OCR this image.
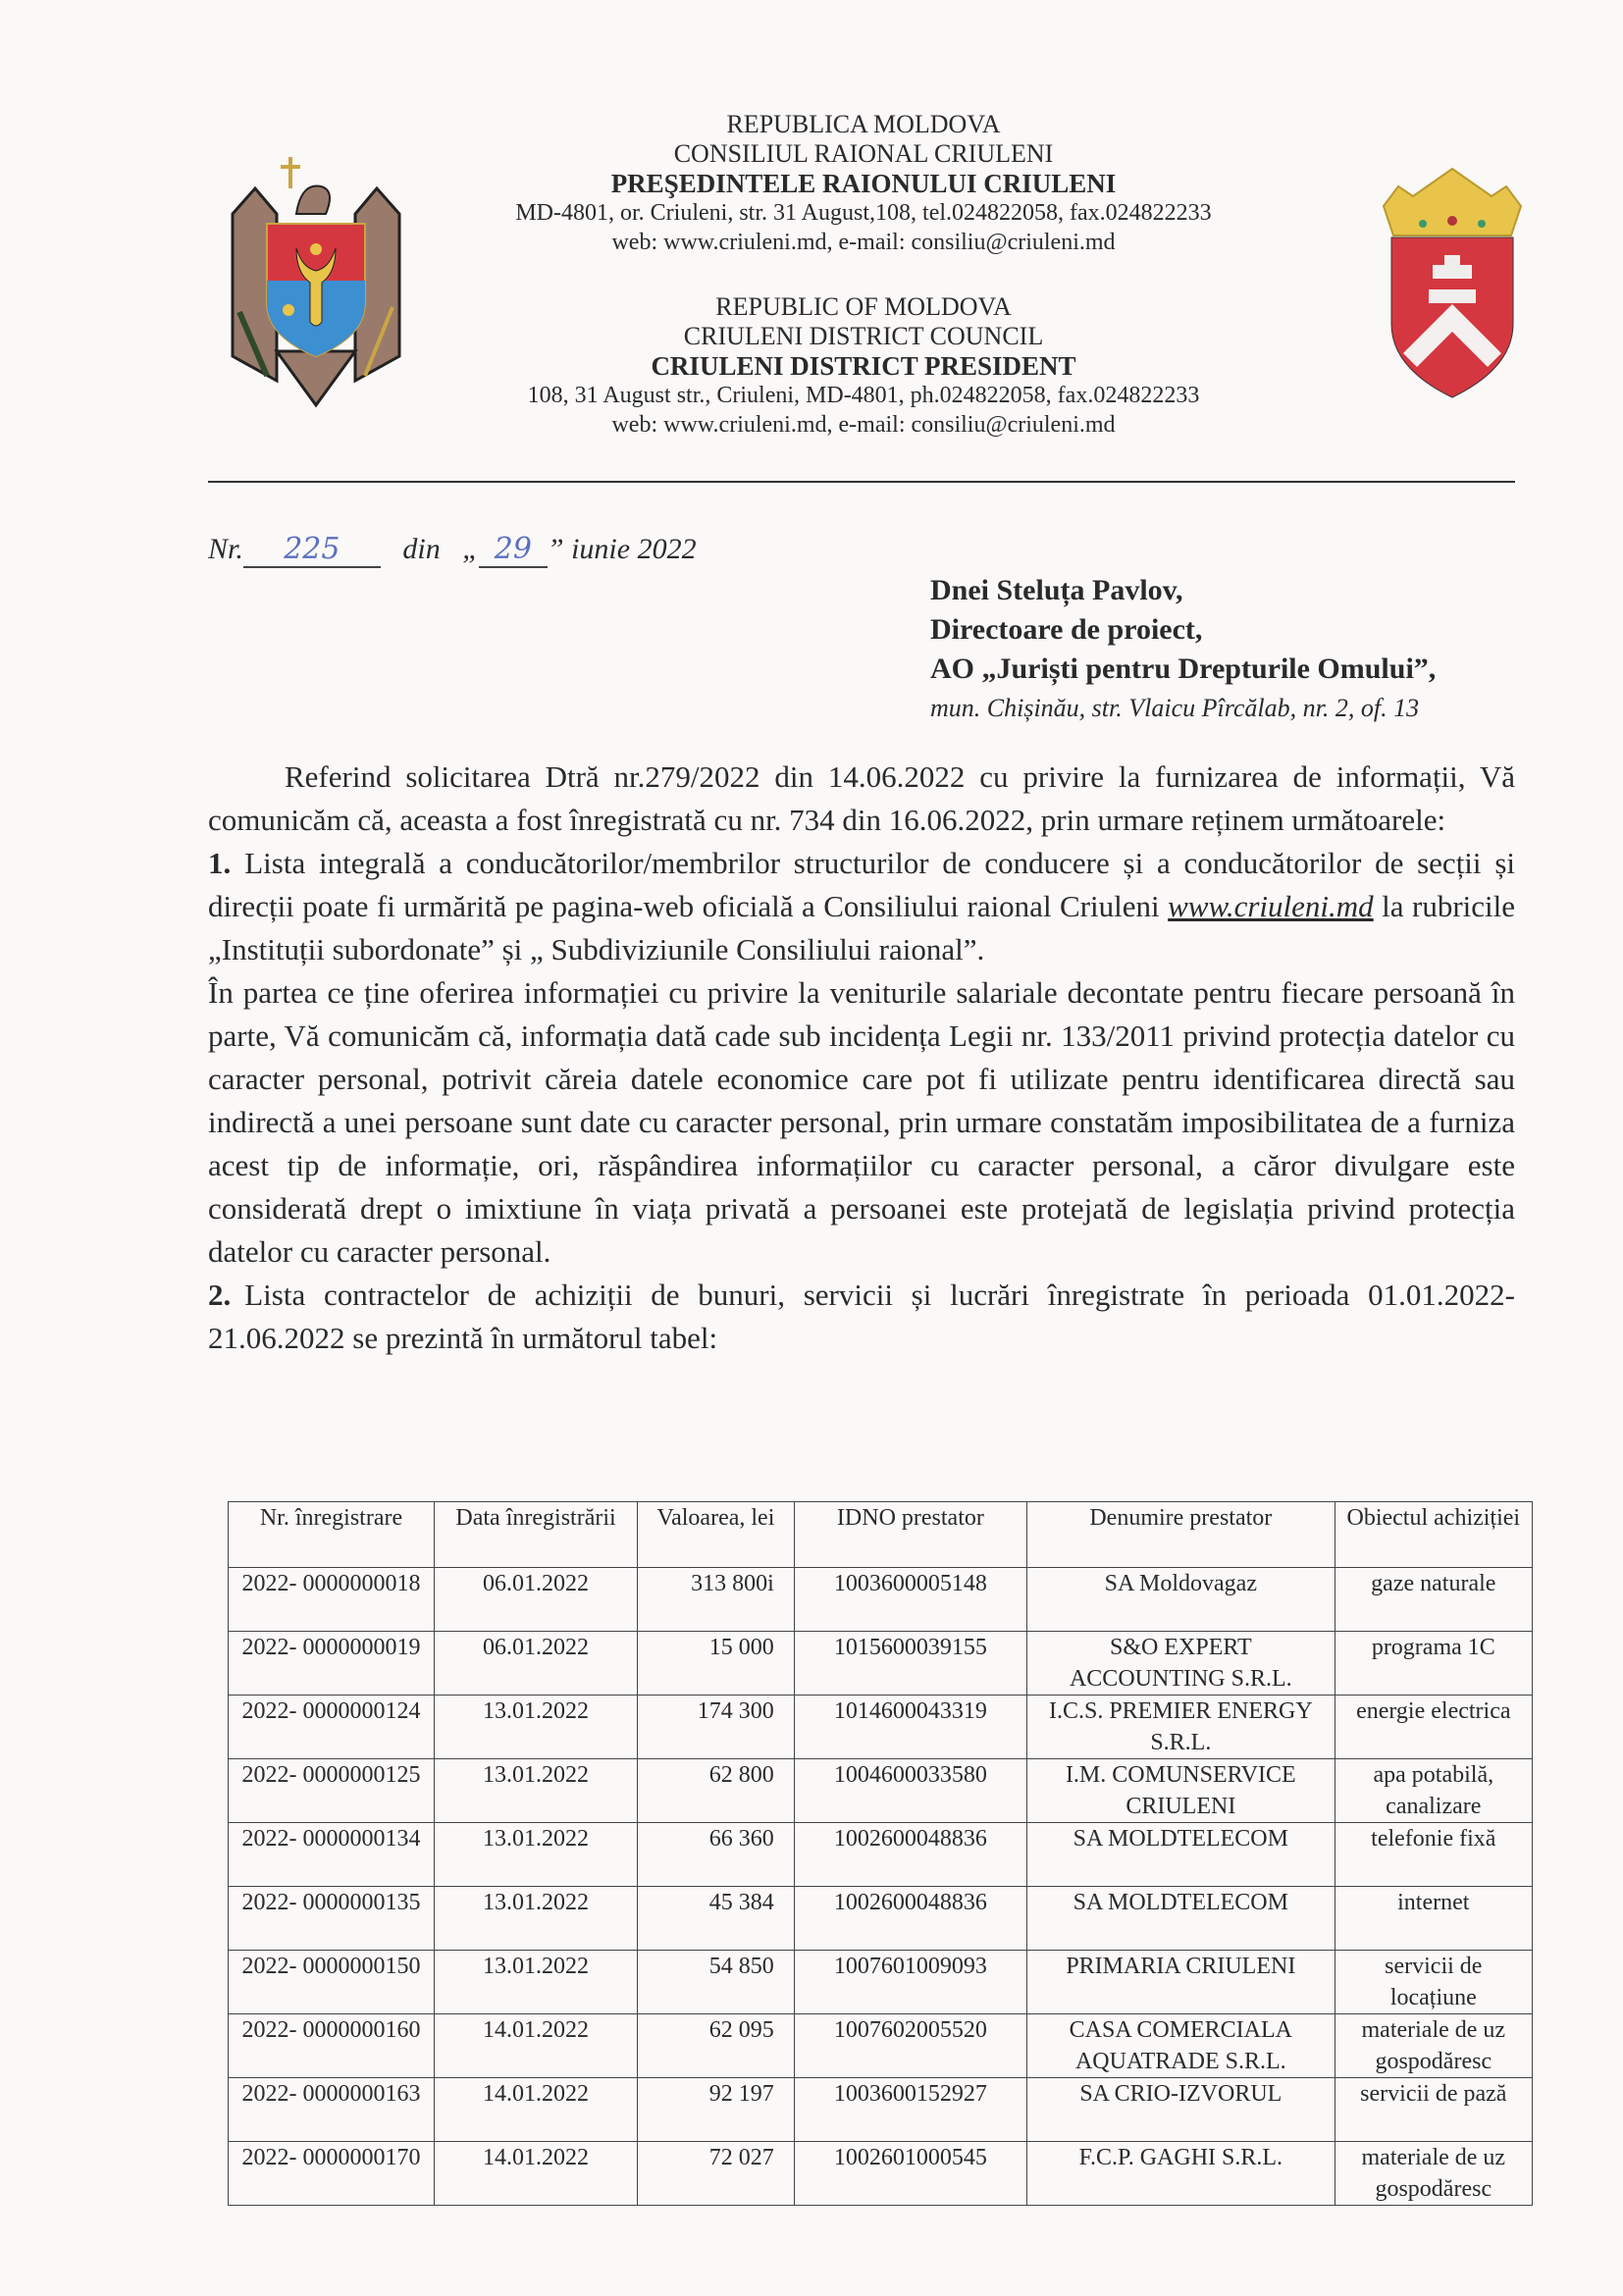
REPUBLICA MOLDOVA
CONSILIUL RAIONAL CRIULENI
PREŞEDINTELE RAIONULUI CRIULENI
MD-4801, or. Criuleni, str. 31 August,108, tel.024822058, fax.024822233
web: www.criuleni.md, e-mail: consiliu@criuleni.md
REPUBLIC OF MOLDOVA
CRIULENI DISTRICT COUNCIL
CRIULENI DISTRICT PRESIDENT
108, 31 August str., Criuleni, MD-4801, ph.024822058, fax.024822233
web: www.criuleni.md, e-mail: consiliu@criuleni.md
Nr. 225 din „ 29 ” iunie 2022
Dnei Steluța Pavlov,
Directoare de proiect,
AO „Juriști pentru Drepturile Omului”,
mun. Chișinău, str. Vlaicu Pîrcălab, nr. 2, of. 13

Referind solicitarea Dtră nr.279/2022 din 14.06.2022 cu privire la furnizarea de informații, Vă comunicăm că, aceasta a fost înregistrată cu nr. 734 din 16.06.2022, prin urmare reținem următoarele:

1. Lista integrală a conducătorilor/membrilor structurilor de conducere și a conducătorilor de secții și direcții poate fi urmărită pe pagina-web oficială a Consiliului raional Criuleni www.criuleni.md la rubricile „Instituții subordonate” și „ Subdiviziunile Consiliului raional”.

În partea ce ține oferirea informației cu privire la veniturile salariale decontate pentru fiecare persoană în parte, Vă comunicăm că, informația dată cade sub incidența Legii nr. 133/2011 privind protecția datelor cu caracter personal, potrivit căreia datele economice care pot fi utilizate pentru identificarea directă sau indirectă a unei persoane sunt date cu caracter personal, prin urmare constatăm imposibilitatea de a furniza acest tip de informație, ori, răspândirea informațiilor cu caracter personal, a căror divulgare este considerată drept o imixtiune în viața privată a persoanei este protejată de legislația privind protecția datelor cu caracter personal.

2. Lista contractelor de achiziții de bunuri, servicii și lucrări înregistrate în perioada 01.01.2022- 21.06.2022 se prezintă în următorul tabel:

Nr. înregistrare	Data înregistrării	Valoarea, lei	IDNO prestator	Denumire prestator	Obiectul achiziției
2022- 0000000018	06.01.2022	313 800i	1003600005148	SA Moldovagaz	gaze naturale
2022- 0000000019	06.01.2022	15 000	1015600039155	S&O EXPERT ACCOUNTING S.R.L.	programa 1C
2022- 0000000124	13.01.2022	174 300	1014600043319	I.C.S. PREMIER ENERGY S.R.L.	energie electrica
2022- 0000000125	13.01.2022	62 800	1004600033580	I.M. COMUNSERVICE CRIULENI	apa potabilă, canalizare
2022- 0000000134	13.01.2022	66 360	1002600048836	SA MOLDTELECOM	telefonie fixă
2022- 0000000135	13.01.2022	45 384	1002600048836	SA MOLDTELECOM	internet
2022- 0000000150	13.01.2022	54 850	1007601009093	PRIMARIA CRIULENI	servicii de locațiune
2022- 0000000160	14.01.2022	62 095	1007602005520	CASA COMERCIALA AQUATRADE S.R.L.	materiale de uz gospodăresc
2022- 0000000163	14.01.2022	92 197	1003600152927	SA CRIO-IZVORUL	servicii de pază
2022- 0000000170	14.01.2022	72 027	1002601000545	F.C.P. GAGHI S.R.L.	materiale de uz gospodăresc
